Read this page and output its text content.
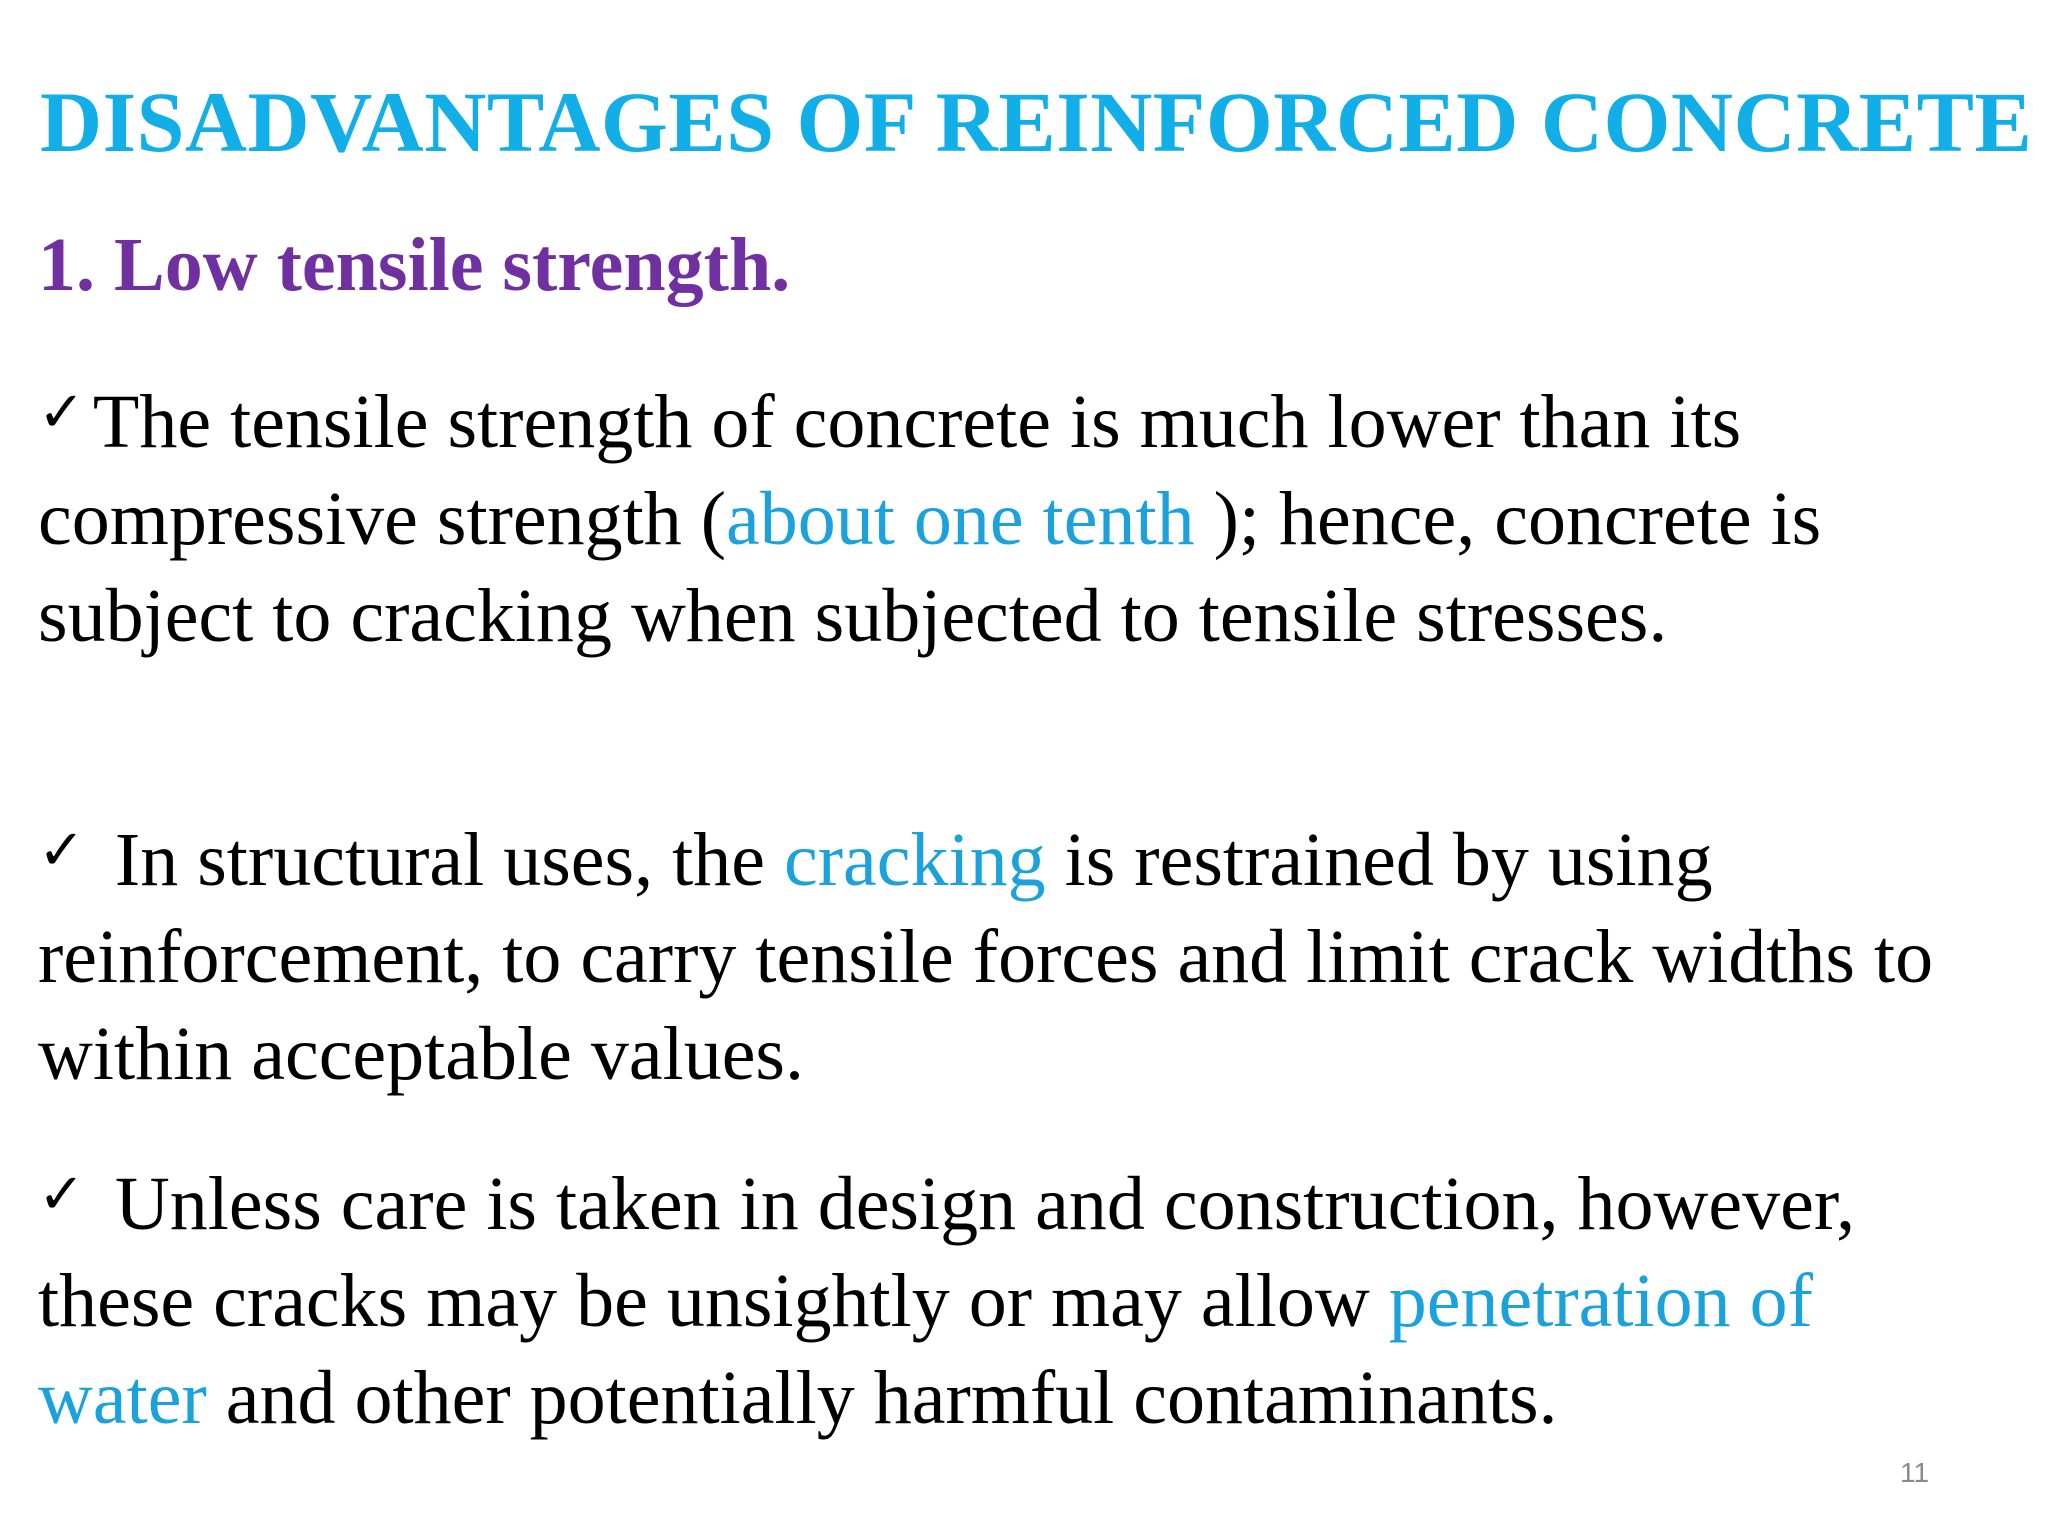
DISADVANTAGES OF REINFORCED CONCRETE
1. Low tensile strength.

✓ The tensile strength of concrete is much lower than its compressive strength (about one tenth ); hence, concrete is subject to cracking when subjected to tensile stresses.

✓ In structural uses, the cracking is restrained by using reinforcement, to carry tensile forces and limit crack widths to within acceptable values.

✓ Unless care is taken in design and construction, however, these cracks may be unsightly or may allow penetration of water and other potentially harmful contaminants.

11
